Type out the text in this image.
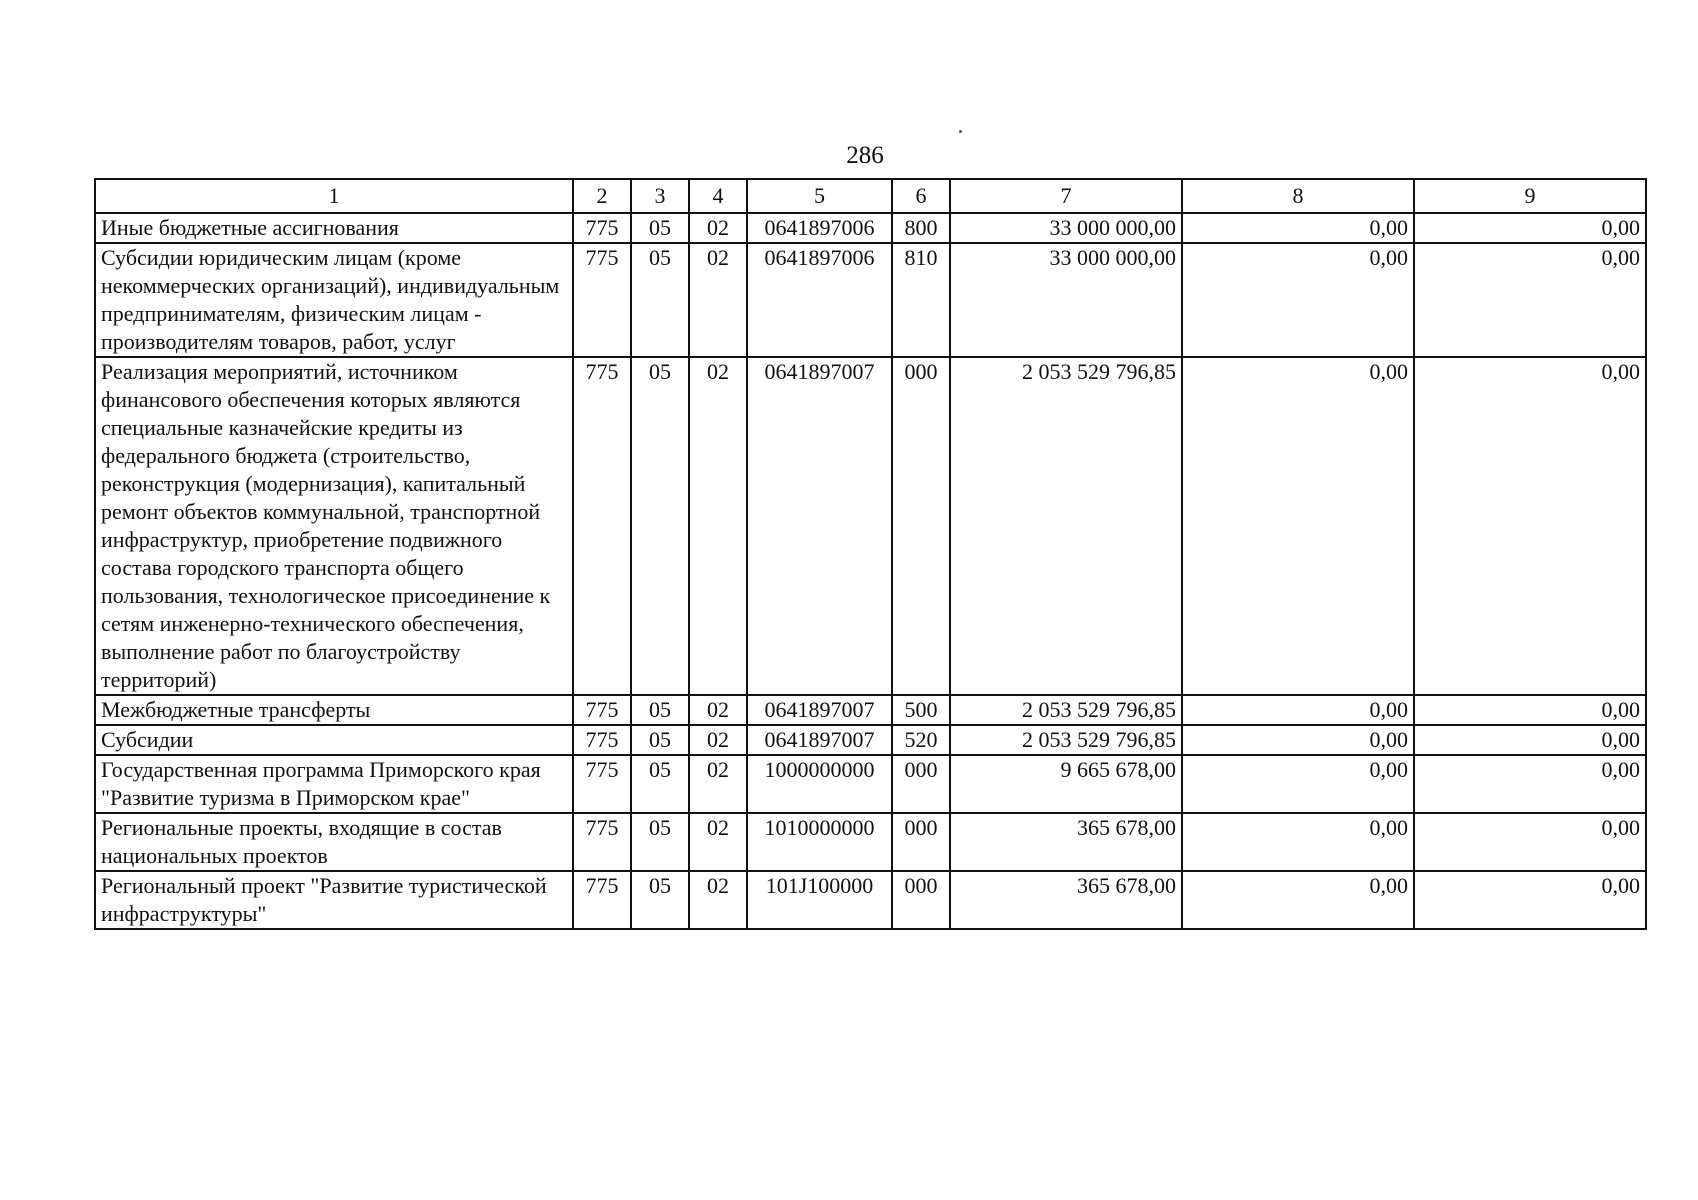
286
1	2	3	4	5	6	7	8	9
Иные бюджетные ассигнования	775	05	02	0641897006	800	33 000 000,00	0,00	0,00
Субсидии юридическим лицам (кроме некоммерческих организаций), индивидуальным предпринимателям, физическим лицам - производителям товаров, работ, услуг	775	05	02	0641897006	810	33 000 000,00	0,00	0,00
Реализация мероприятий, источником финансового обеспечения которых являются специальные казначейские кредиты из федерального бюджета (строительство, реконструкция (модернизация), капитальный ремонт объектов коммунальной, транспортной инфраструктур, приобретение подвижного состава городского транспорта общего пользования, технологическое присоединение к сетям инженерно-технического обеспечения, выполнение работ по благоустройству территорий)	775	05	02	0641897007	000	2 053 529 796,85	0,00	0,00
Межбюджетные трансферты	775	05	02	0641897007	500	2 053 529 796,85	0,00	0,00
Субсидии	775	05	02	0641897007	520	2 053 529 796,85	0,00	0,00
Государственная программа Приморского края "Развитие туризма в Приморском крае"	775	05	02	1000000000	000	9 665 678,00	0,00	0,00
Региональные проекты, входящие в состав национальных проектов	775	05	02	1010000000	000	365 678,00	0,00	0,00
Региональный проект "Развитие туристической инфраструктуры"	775	05	02	101J100000	000	365 678,00	0,00	0,00
